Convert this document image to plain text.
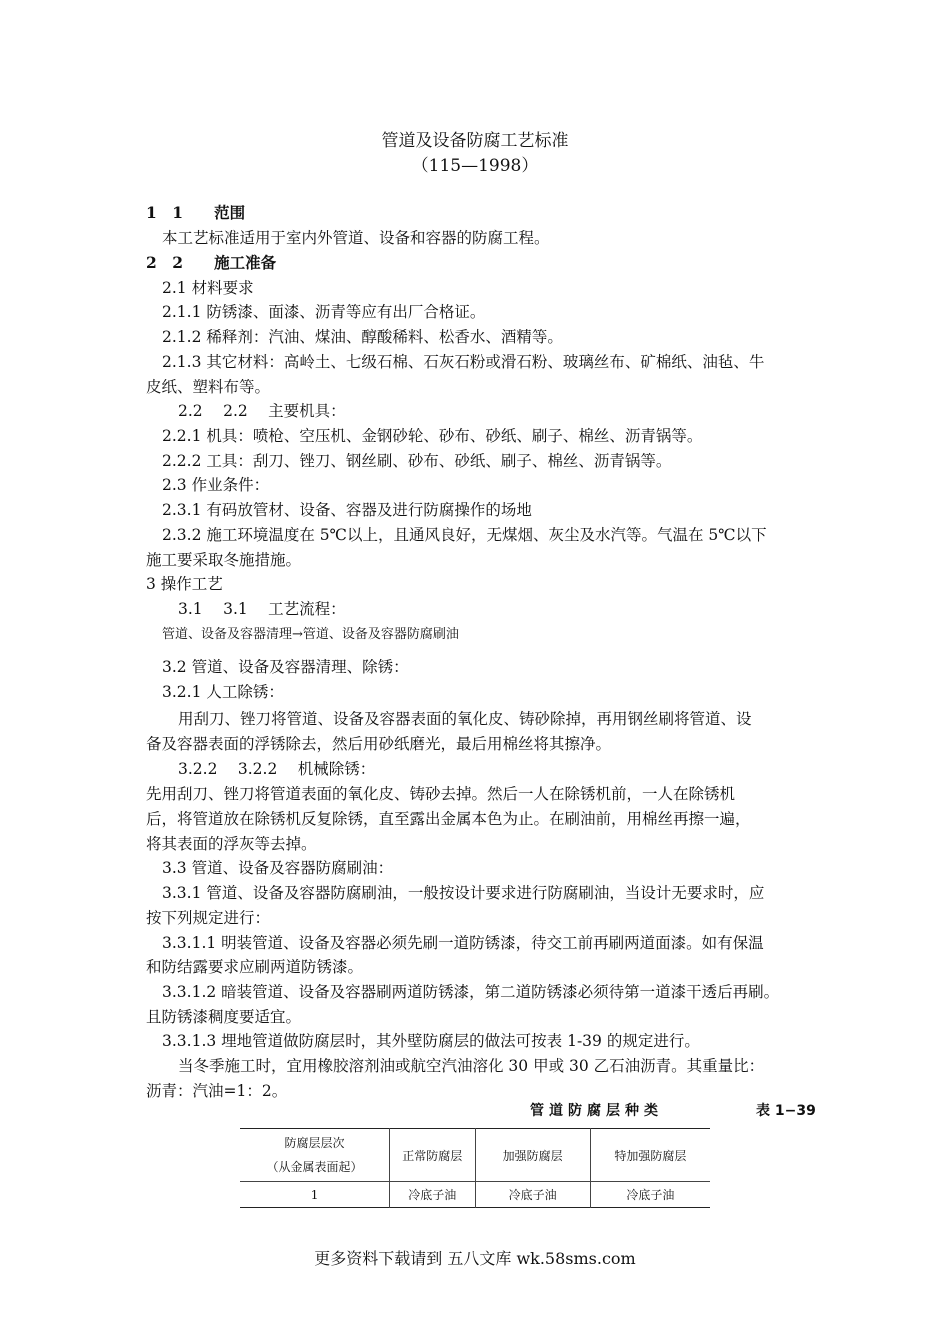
管道及设备防腐工艺标准
（115—1998）
1　1　　范围
本工艺标准适用于室内外管道、设备和容器的防腐工程。
2　2　　施工准备
2.1 材料要求
2.1.1 防锈漆、面漆、沥青等应有出厂合格证。
2.1.2 稀释剂：汽油、煤油、醇酸稀料、松香水、酒精等。
2.1.3 其它材料：高岭土、七级石棉、石灰石粉或滑石粉、玻璃丝布、矿棉纸、油毡、牛
皮纸、塑料布等。
2.2　 2.2　 主要机具：
2.2.1 机具：喷枪、空压机、金钢砂轮、砂布、砂纸、刷子、棉丝、沥青锅等。
2.2.2 工具：刮刀、锉刀、钢丝刷、砂布、砂纸、刷子、棉丝、沥青锅等。
2.3 作业条件：
2.3.1 有码放管材、设备、容器及进行防腐操作的场地
2.3.2 施工环境温度在 5℃以上，且通风良好，无煤烟、灰尘及水汽等。气温在 5℃以下
施工要采取冬施措施。
3 操作工艺
3.1　 3.1　 工艺流程：
管道、设备及容器清理→管道、设备及容器防腐刷油
3.2 管道、设备及容器清理、除锈：
3.2.1 人工除锈：
用刮刀、锉刀将管道、设备及容器表面的氧化皮、铸砂除掉，再用钢丝刷将管道、设
备及容器表面的浮锈除去，然后用砂纸磨光，最后用棉丝将其擦净。
3.2.2　 3.2.2　 机械除锈：
先用刮刀、锉刀将管道表面的氧化皮、铸砂去掉。然后一人在除锈机前，一人在除锈机
后，将管道放在除锈机反复除锈，直至露出金属本色为止。在刷油前，用棉丝再擦一遍，
将其表面的浮灰等去掉。
3.3 管道、设备及容器防腐刷油：
3.3.1 管道、设备及容器防腐刷油，一般按设计要求进行防腐刷油，当设计无要求时，应
按下列规定进行：
3.3.1.1 明装管道、设备及容器必须先刷一道防锈漆，待交工前再刷两道面漆。如有保温
和防结露要求应刷两道防锈漆。
3.3.1.2 暗装管道、设备及容器刷两道防锈漆，第二道防锈漆必须待第一道漆干透后再刷。
且防锈漆稠度要适宜。
3.3.1.3 埋地管道做防腐层时，其外壁防腐层的做法可按表 1-39 的规定进行。
当冬季施工时，宜用橡胶溶剂油或航空汽油溶化 30 甲或 30 乙石油沥青。其重量比：
沥青：汽油=1：2。
管道防腐层种类	表 1−39
防腐层层次
（从金属表面起）	正常防腐层	加强防腐层	特加强防腐层
1	冷底子油	冷底子油	冷底子油
更多资料下载请到 五八文库 wk.58sms.com
